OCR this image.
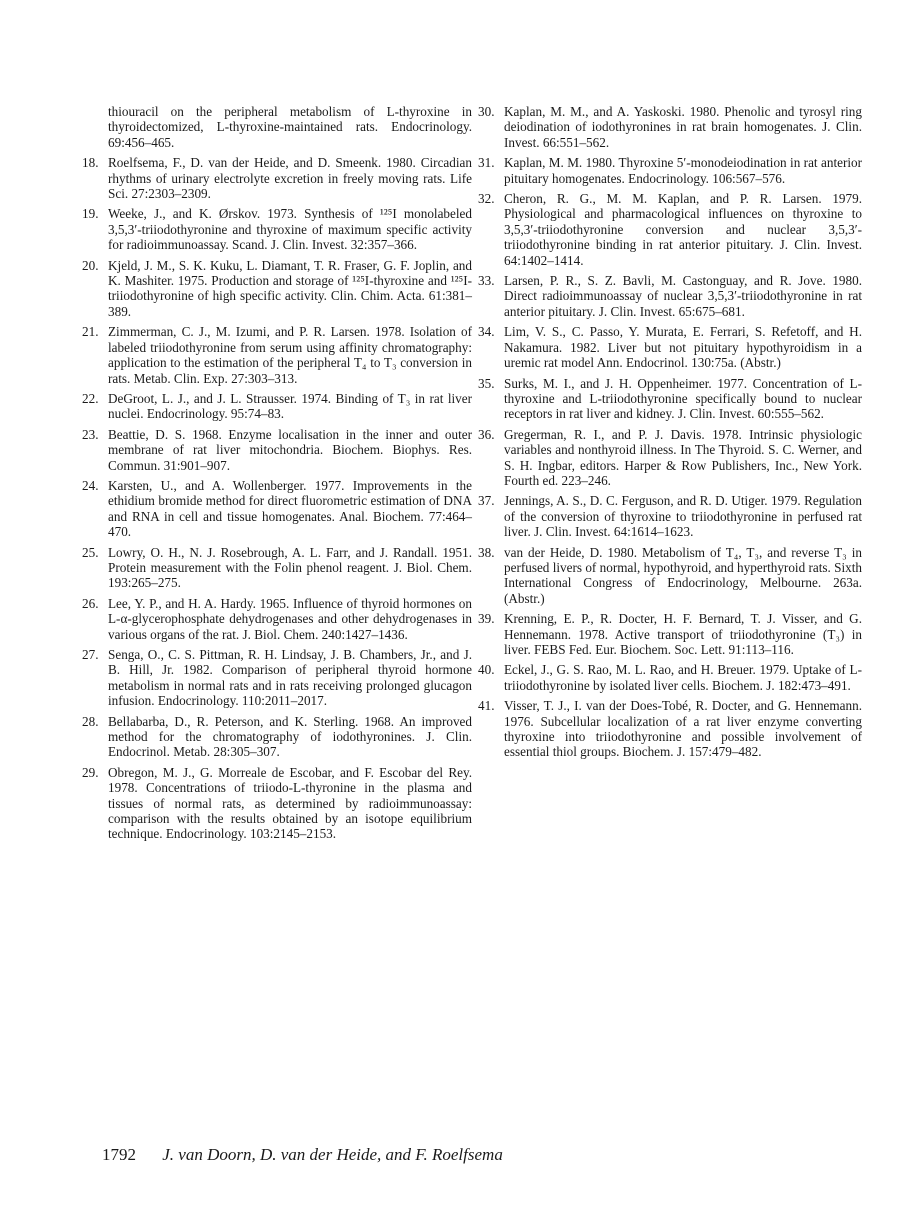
thiouracil on the peripheral metabolism of L-thyroxine in thyroidectomized, L-thyroxine-maintained rats. Endocrinology. 69:456–465.
18. Roelfsema, F., D. van der Heide, and D. Smeenk. 1980. Circadian rhythms of urinary electrolyte excretion in freely moving rats. Life Sci. 27:2303–2309.
19. Weeke, J., and K. Ørskov. 1973. Synthesis of ¹²⁵I monolabeled 3,5,3′-triiodothyronine and thyroxine of maximum specific activity for radioimmunoassay. Scand. J. Clin. Invest. 32:357–366.
20. Kjeld, J. M., S. K. Kuku, L. Diamant, T. R. Fraser, G. F. Joplin, and K. Mashiter. 1975. Production and storage of ¹²⁵I-thyroxine and ¹²⁵I-triiodothyronine of high specific activity. Clin. Chim. Acta. 61:381–389.
21. Zimmerman, C. J., M. Izumi, and P. R. Larsen. 1978. Isolation of labeled triiodothyronine from serum using affinity chromatography: application to the estimation of the peripheral T₄ to T₃ conversion in rats. Metab. Clin. Exp. 27:303–313.
22. DeGroot, L. J., and J. L. Strausser. 1974. Binding of T₃ in rat liver nuclei. Endocrinology. 95:74–83.
23. Beattie, D. S. 1968. Enzyme localisation in the inner and outer membrane of rat liver mitochondria. Biochem. Biophys. Res. Commun. 31:901–907.
24. Karsten, U., and A. Wollenberger. 1977. Improvements in the ethidium bromide method for direct fluorometric estimation of DNA and RNA in cell and tissue homogenates. Anal. Biochem. 77:464–470.
25. Lowry, O. H., N. J. Rosebrough, A. L. Farr, and J. Randall. 1951. Protein measurement with the Folin phenol reagent. J. Biol. Chem. 193:265–275.
26. Lee, Y. P., and H. A. Hardy. 1965. Influence of thyroid hormones on L-α-glycerophosphate dehydrogenases and other dehydrogenases in various organs of the rat. J. Biol. Chem. 240:1427–1436.
27. Senga, O., C. S. Pittman, R. H. Lindsay, J. B. Chambers, Jr., and J. B. Hill, Jr. 1982. Comparison of peripheral thyroid hormone metabolism in normal rats and in rats receiving prolonged glucagon infusion. Endocrinology. 110:2011–2017.
28. Bellabarba, D., R. Peterson, and K. Sterling. 1968. An improved method for the chromatography of iodothyronines. J. Clin. Endocrinol. Metab. 28:305–307.
29. Obregon, M. J., G. Morreale de Escobar, and F. Escobar del Rey. 1978. Concentrations of triiodo-L-thyronine in the plasma and tissues of normal rats, as determined by radioimmunoassay: comparison with the results obtained by an isotope equilibrium technique. Endocrinology. 103:2145–2153.
30. Kaplan, M. M., and A. Yaskoski. 1980. Phenolic and tyrosyl ring deiodination of iodothyronines in rat brain homogenates. J. Clin. Invest. 66:551–562.
31. Kaplan, M. M. 1980. Thyroxine 5′-monodeiodination in rat anterior pituitary homogenates. Endocrinology. 106:567–576.
32. Cheron, R. G., M. M. Kaplan, and P. R. Larsen. 1979. Physiological and pharmacological influences on thyroxine to 3,5,3′-triiodothyronine conversion and nuclear 3,5,3′-triiodothyronine binding in rat anterior pituitary. J. Clin. Invest. 64:1402–1414.
33. Larsen, P. R., S. Z. Bavli, M. Castonguay, and R. Jove. 1980. Direct radioimmunoassay of nuclear 3,5,3′-triiodothyronine in rat anterior pituitary. J. Clin. Invest. 65:675–681.
34. Lim, V. S., C. Passo, Y. Murata, E. Ferrari, S. Refetoff, and H. Nakamura. 1982. Liver but not pituitary hypothyroidism in a uremic rat model Ann. Endocrinol. 130:75a. (Abstr.)
35. Surks, M. I., and J. H. Oppenheimer. 1977. Concentration of L-thyroxine and L-triiodothyronine specifically bound to nuclear receptors in rat liver and kidney. J. Clin. Invest. 60:555–562.
36. Gregerman, R. I., and P. J. Davis. 1978. Intrinsic physiologic variables and nonthyroid illness. In The Thyroid. S. C. Werner, and S. H. Ingbar, editors. Harper & Row Publishers, Inc., New York. Fourth ed. 223–246.
37. Jennings, A. S., D. C. Ferguson, and R. D. Utiger. 1979. Regulation of the conversion of thyroxine to triiodothyronine in perfused rat liver. J. Clin. Invest. 64:1614–1623.
38. van der Heide, D. 1980. Metabolism of T₄, T₃, and reverse T₃ in perfused livers of normal, hypothyroid, and hyperthyroid rats. Sixth International Congress of Endocrinology, Melbourne. 263a. (Abstr.)
39. Krenning, E. P., R. Docter, H. F. Bernard, T. J. Visser, and G. Hennemann. 1978. Active transport of triiodothyronine (T₃) in liver. FEBS Fed. Eur. Biochem. Soc. Lett. 91:113–116.
40. Eckel, J., G. S. Rao, M. L. Rao, and H. Breuer. 1979. Uptake of L-triiodothyronine by isolated liver cells. Biochem. J. 182:473–491.
41. Visser, T. J., I. van der Does-Tobé, R. Docter, and G. Hennemann. 1976. Subcellular localization of a rat liver enzyme converting thyroxine into triiodothyronine and possible involvement of essential thiol groups. Biochem. J. 157:479–482.
1792 J. van Doorn, D. van der Heide, and F. Roelfsema
